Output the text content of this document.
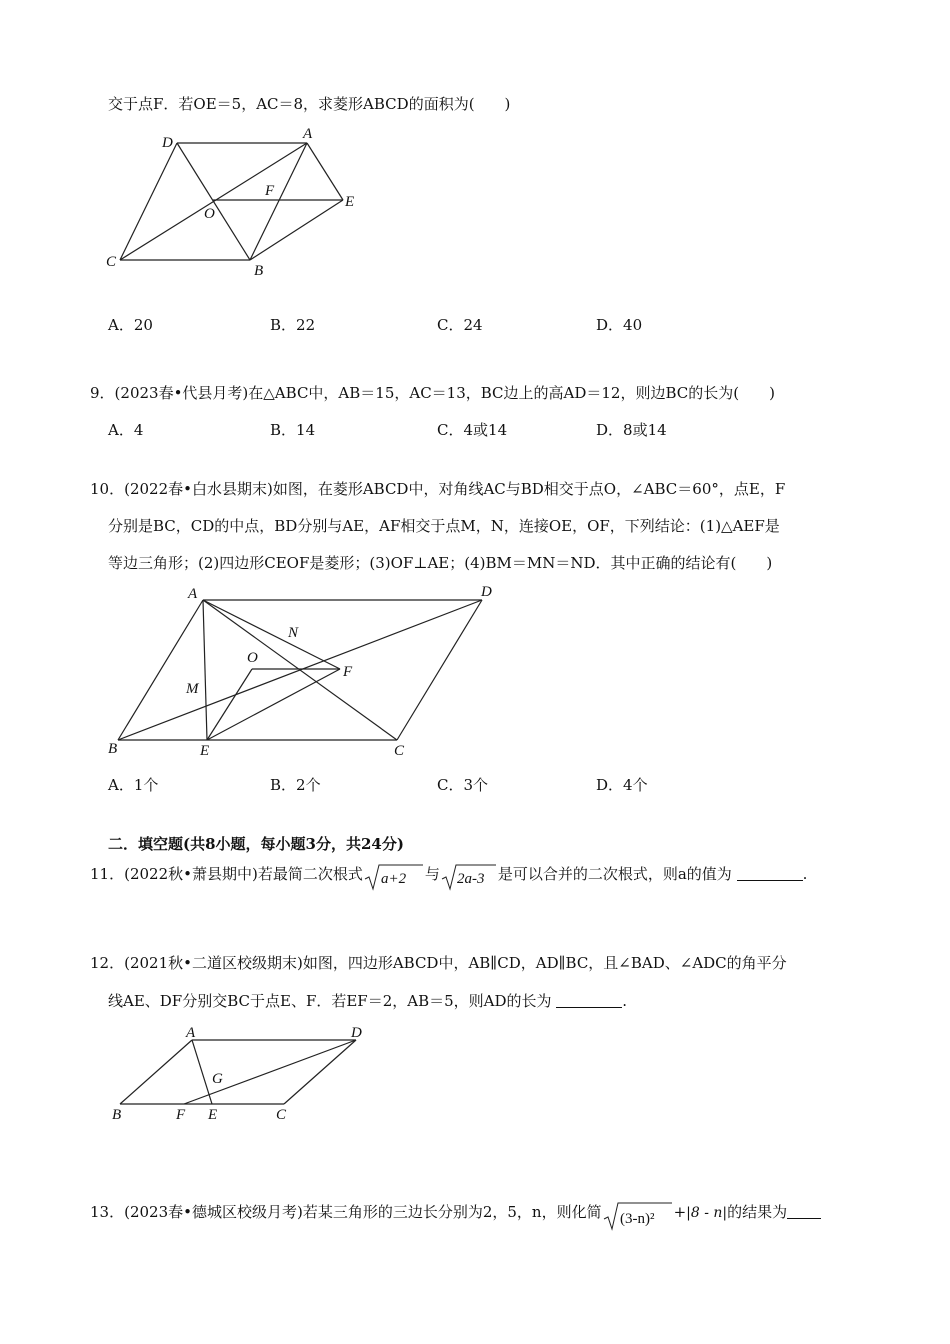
交于点F．若OE＝5，AC＝8，求菱形ABCD的面积为(　　)
D
A
F
O
E
C
B
A．20	B．22	C．24	D．40
9．(2023春•代县月考)在△ABC中，AB＝15，AC＝13，BC边上的高AD＝12，则边BC的长为(　　)
A．4	B．14	C．4或14	D．8或14
10．(2022春•白水县期末)如图，在菱形ABCD中，对角线AC与BD相交于点O，∠ABC＝60°，点E，F
分别是BC，CD的中点，BD分别与AE，AF相交于点M，N，连接OE，OF，下列结论：(1)△AEF是
等边三角形；(2)四边形CEOF是菱形；(3)OF⊥AE；(4)BM＝MN＝ND．其中正确的结论有(　　)
A	D
N
O
F
M
B	E	C
A．1个	B．2个	C．3个	D．4个
二．填空题(共8小题，每小题3分，共24分)
11．(2022秋•萧县期中)若最简二次根式 a+2 与 2a-3 是可以合并的二次根式，则a的值为	.
12．(2021秋•二道区校级期末)如图，四边形ABCD中，AB∥CD，AD∥BC，且∠BAD、∠ADC的角平分
线AE、DF分别交BC于点E、F．若EF＝2，AB＝5，则AD的长为	.
A	D
G
B	F E	C
13．(2023春•德城区校级月考)若某三角形的三边长分别为2，5，n，则化简 (3-n)² +|8 - n|的结果为
